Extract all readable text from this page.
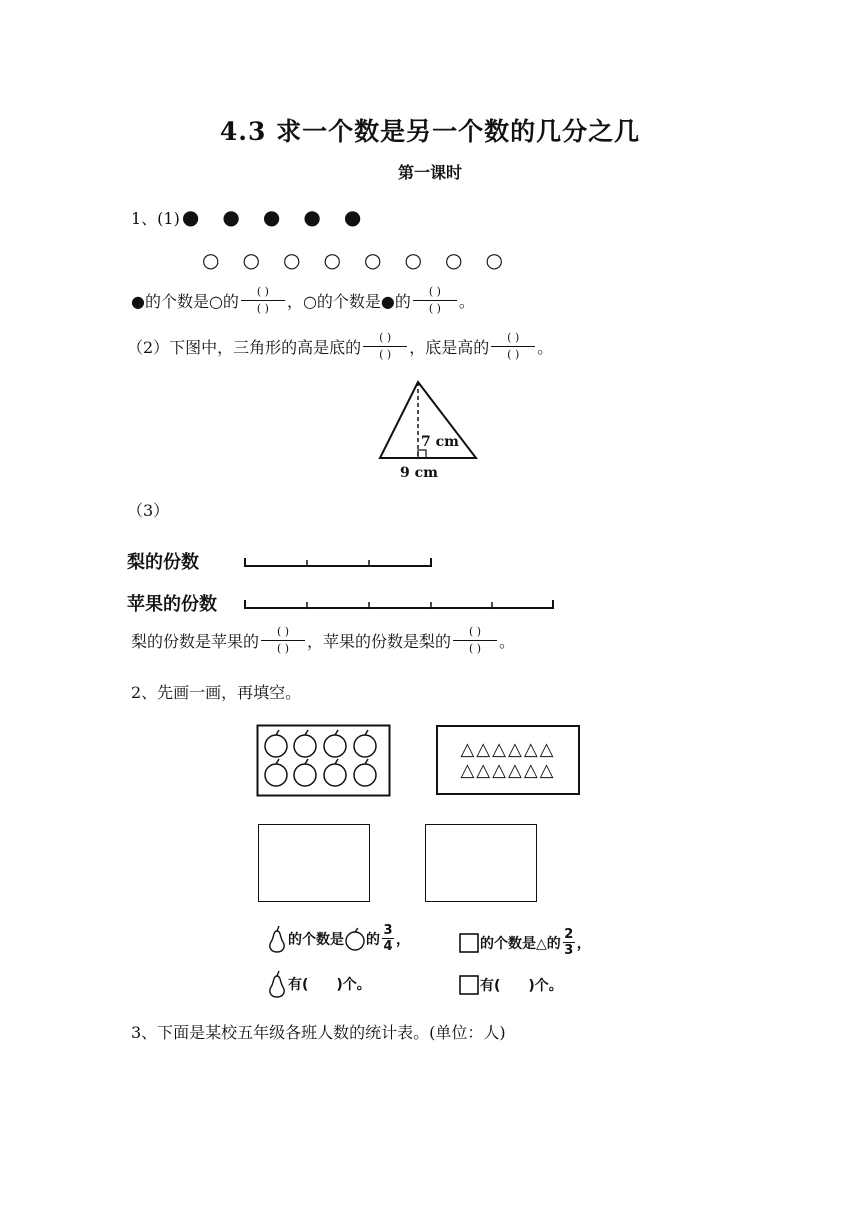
4.3 求一个数是另一个数的几分之几
第一课时
1、(1) ●	●	●	●	●
○	○	○	○	○	○	○	○
●的个数是○的 $\frac{( )}{( )}$ ，○的个数是●的 $\frac{( )}{( )}$ 。
（2）下图中，三角形的高是底的 $\frac{( )}{( )}$ ，底是高的 $\frac{( )}{( )}$ 。
7 cm
9 cm
（3）
梨的份数
苹果的份数
梨的份数是苹果的 $\frac{( )}{( )}$ ，苹果的份数是梨的 $\frac{( )}{( )}$ 。
2、先画一画，再填空。
△△△△△△
△△△△△△
的个数是 的
3
4 ，	的个数是△的
2
3 ，
有(　　)个。	有(　　)个。
3、下面是某校五年级各班人数的统计表。(单位：人)
